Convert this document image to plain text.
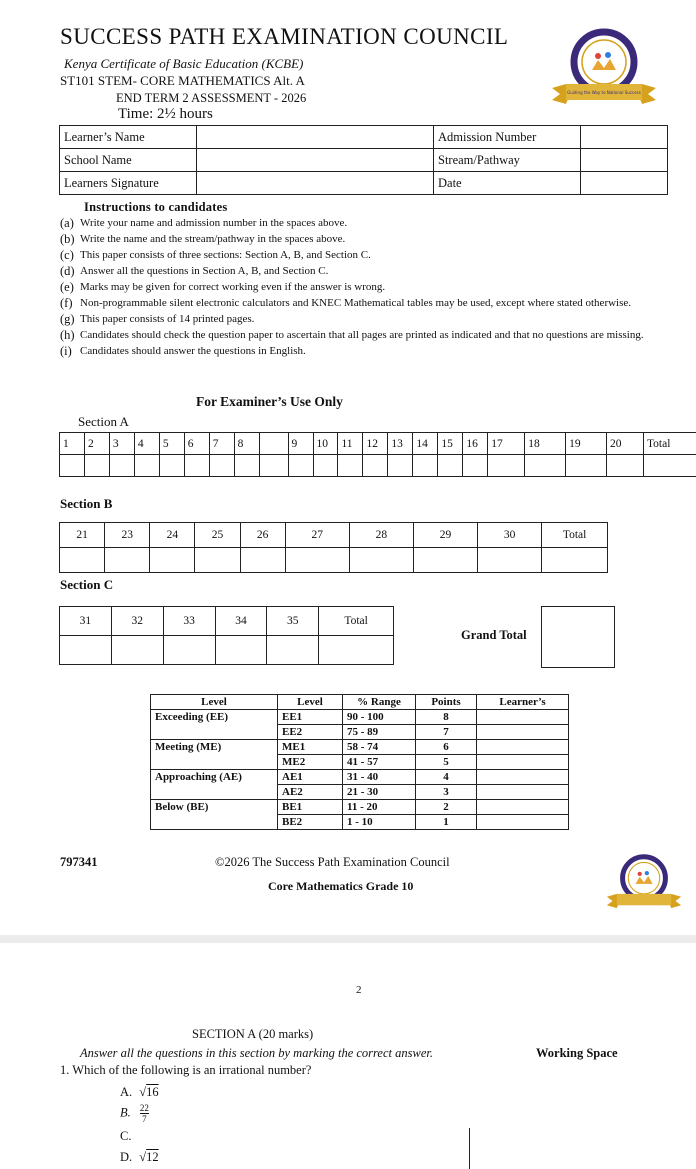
SUCCESS PATH EXAMINATION COUNCIL
Kenya Certificate of Basic Education (KCBE)
ST101 STEM- CORE MATHEMATICS Alt. A
END TERM 2 ASSESSMENT - 2026
Time: 2½ hours
Guiding the Way to National Success
Learner’s Name		Admission Number	
School Name		Stream/Pathway	
Learners Signature		Date	
Instructions to candidates
(a) Write your name and admission number in the spaces above.
(b) Write the name and the stream/pathway in the spaces above.
(c) This paper consists of three sections: Section A, B, and Section C.
(d) Answer all the questions in Section A, B, and Section C.
(e) Marks may be given for correct working even if the answer is wrong.
(f) Non-programmable silent electronic calculators and KNEC Mathematical tables may be used, except where stated otherwise.
(g) This paper consists of 14 printed pages.
(h) Candidates should check the question paper to ascertain that all pages are printed as indicated and that no questions are missing.
(i) Candidates should answer the questions in English.
For Examiner’s Use Only
Section A
1	2	3	4	5	6	7	8		9	10	11	12	13	14	15	16	17	18	19	20	Total

Section B
21	23	24	25	26	27	28	29	30	Total

Section C
31	32	33	34	35	Total

Grand Total
Level	Level	% Range	Points	Learner’s
Exceeding (EE)	EE1	90 - 100	8	
	EE2	75 - 89	7	
Meeting (ME)	ME1	58 - 74	6	
	ME2	41 - 57	5	
Approaching (AE)	AE1	31 - 40	4	
	AE2	21 - 30	3	
Below (BE)	BE1	11 - 20	2	
	BE2	1 - 10	1	
797341	©2026 The Success Path Examination Council
Core Mathematics Grade 10
2
SECTION A (20 marks)
Answer all the questions in this section by marking the correct answer.	Working Space
1. Which of the following is an irrational number?
A. √16
B. $\frac{22}{7}$
C.
D. √12
